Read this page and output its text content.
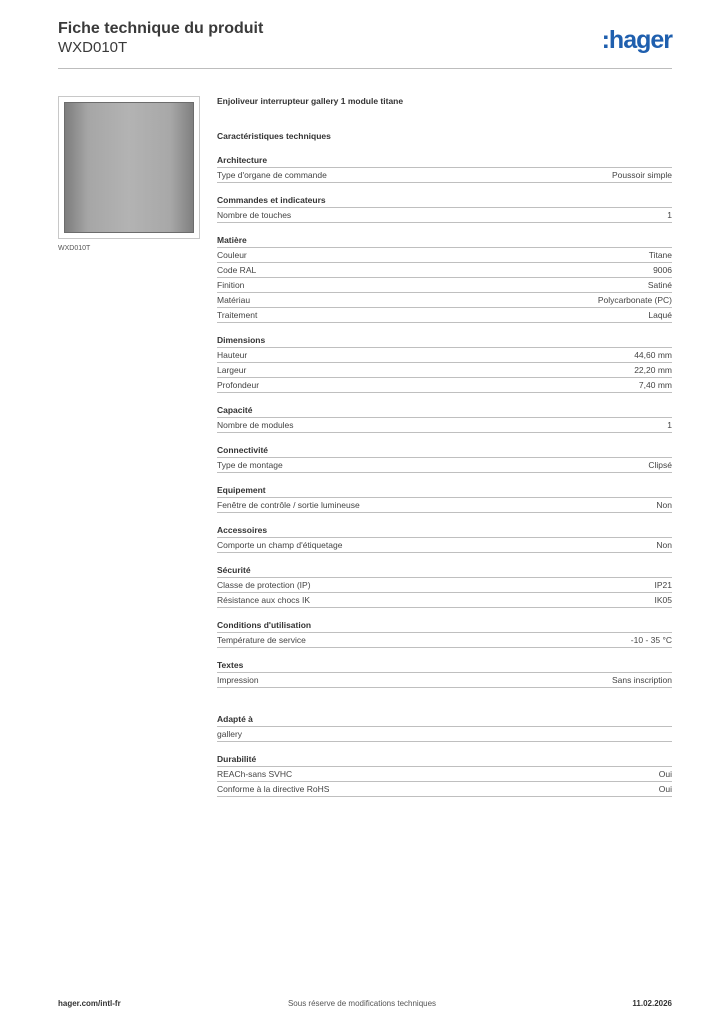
Fiche technique du produit
WXD010T	:hager
WXD010T
Enjoliveur interrupteur gallery 1 module titane
Caractéristiques techniques
Architecture
Type d'organe de commande	Poussoir simple
Commandes et indicateurs
Nombre de touches	1
Matière
Couleur	Titane
Code RAL	9006
Finition	Satiné
Matériau	Polycarbonate (PC)
Traitement	Laqué
Dimensions
Hauteur	44,60 mm
Largeur	22,20 mm
Profondeur	7,40 mm
Capacité
Nombre de modules	1
Connectivité
Type de montage	Clipsé
Equipement
Fenêtre de contrôle / sortie lumineuse	Non
Accessoires
Comporte un champ d'étiquetage	Non
Sécurité
Classe de protection (IP)	IP21
Résistance aux chocs IK	IK05
Conditions d'utilisation
Température de service	-10 - 35 °C
Textes
Impression	Sans inscription
Adapté à
gallery
Durabilité
REACh-sans SVHC	Oui
Conforme à la directive RoHS	Oui
hager.com/intl-fr	Sous réserve de modifications techniques	11.02.2026
